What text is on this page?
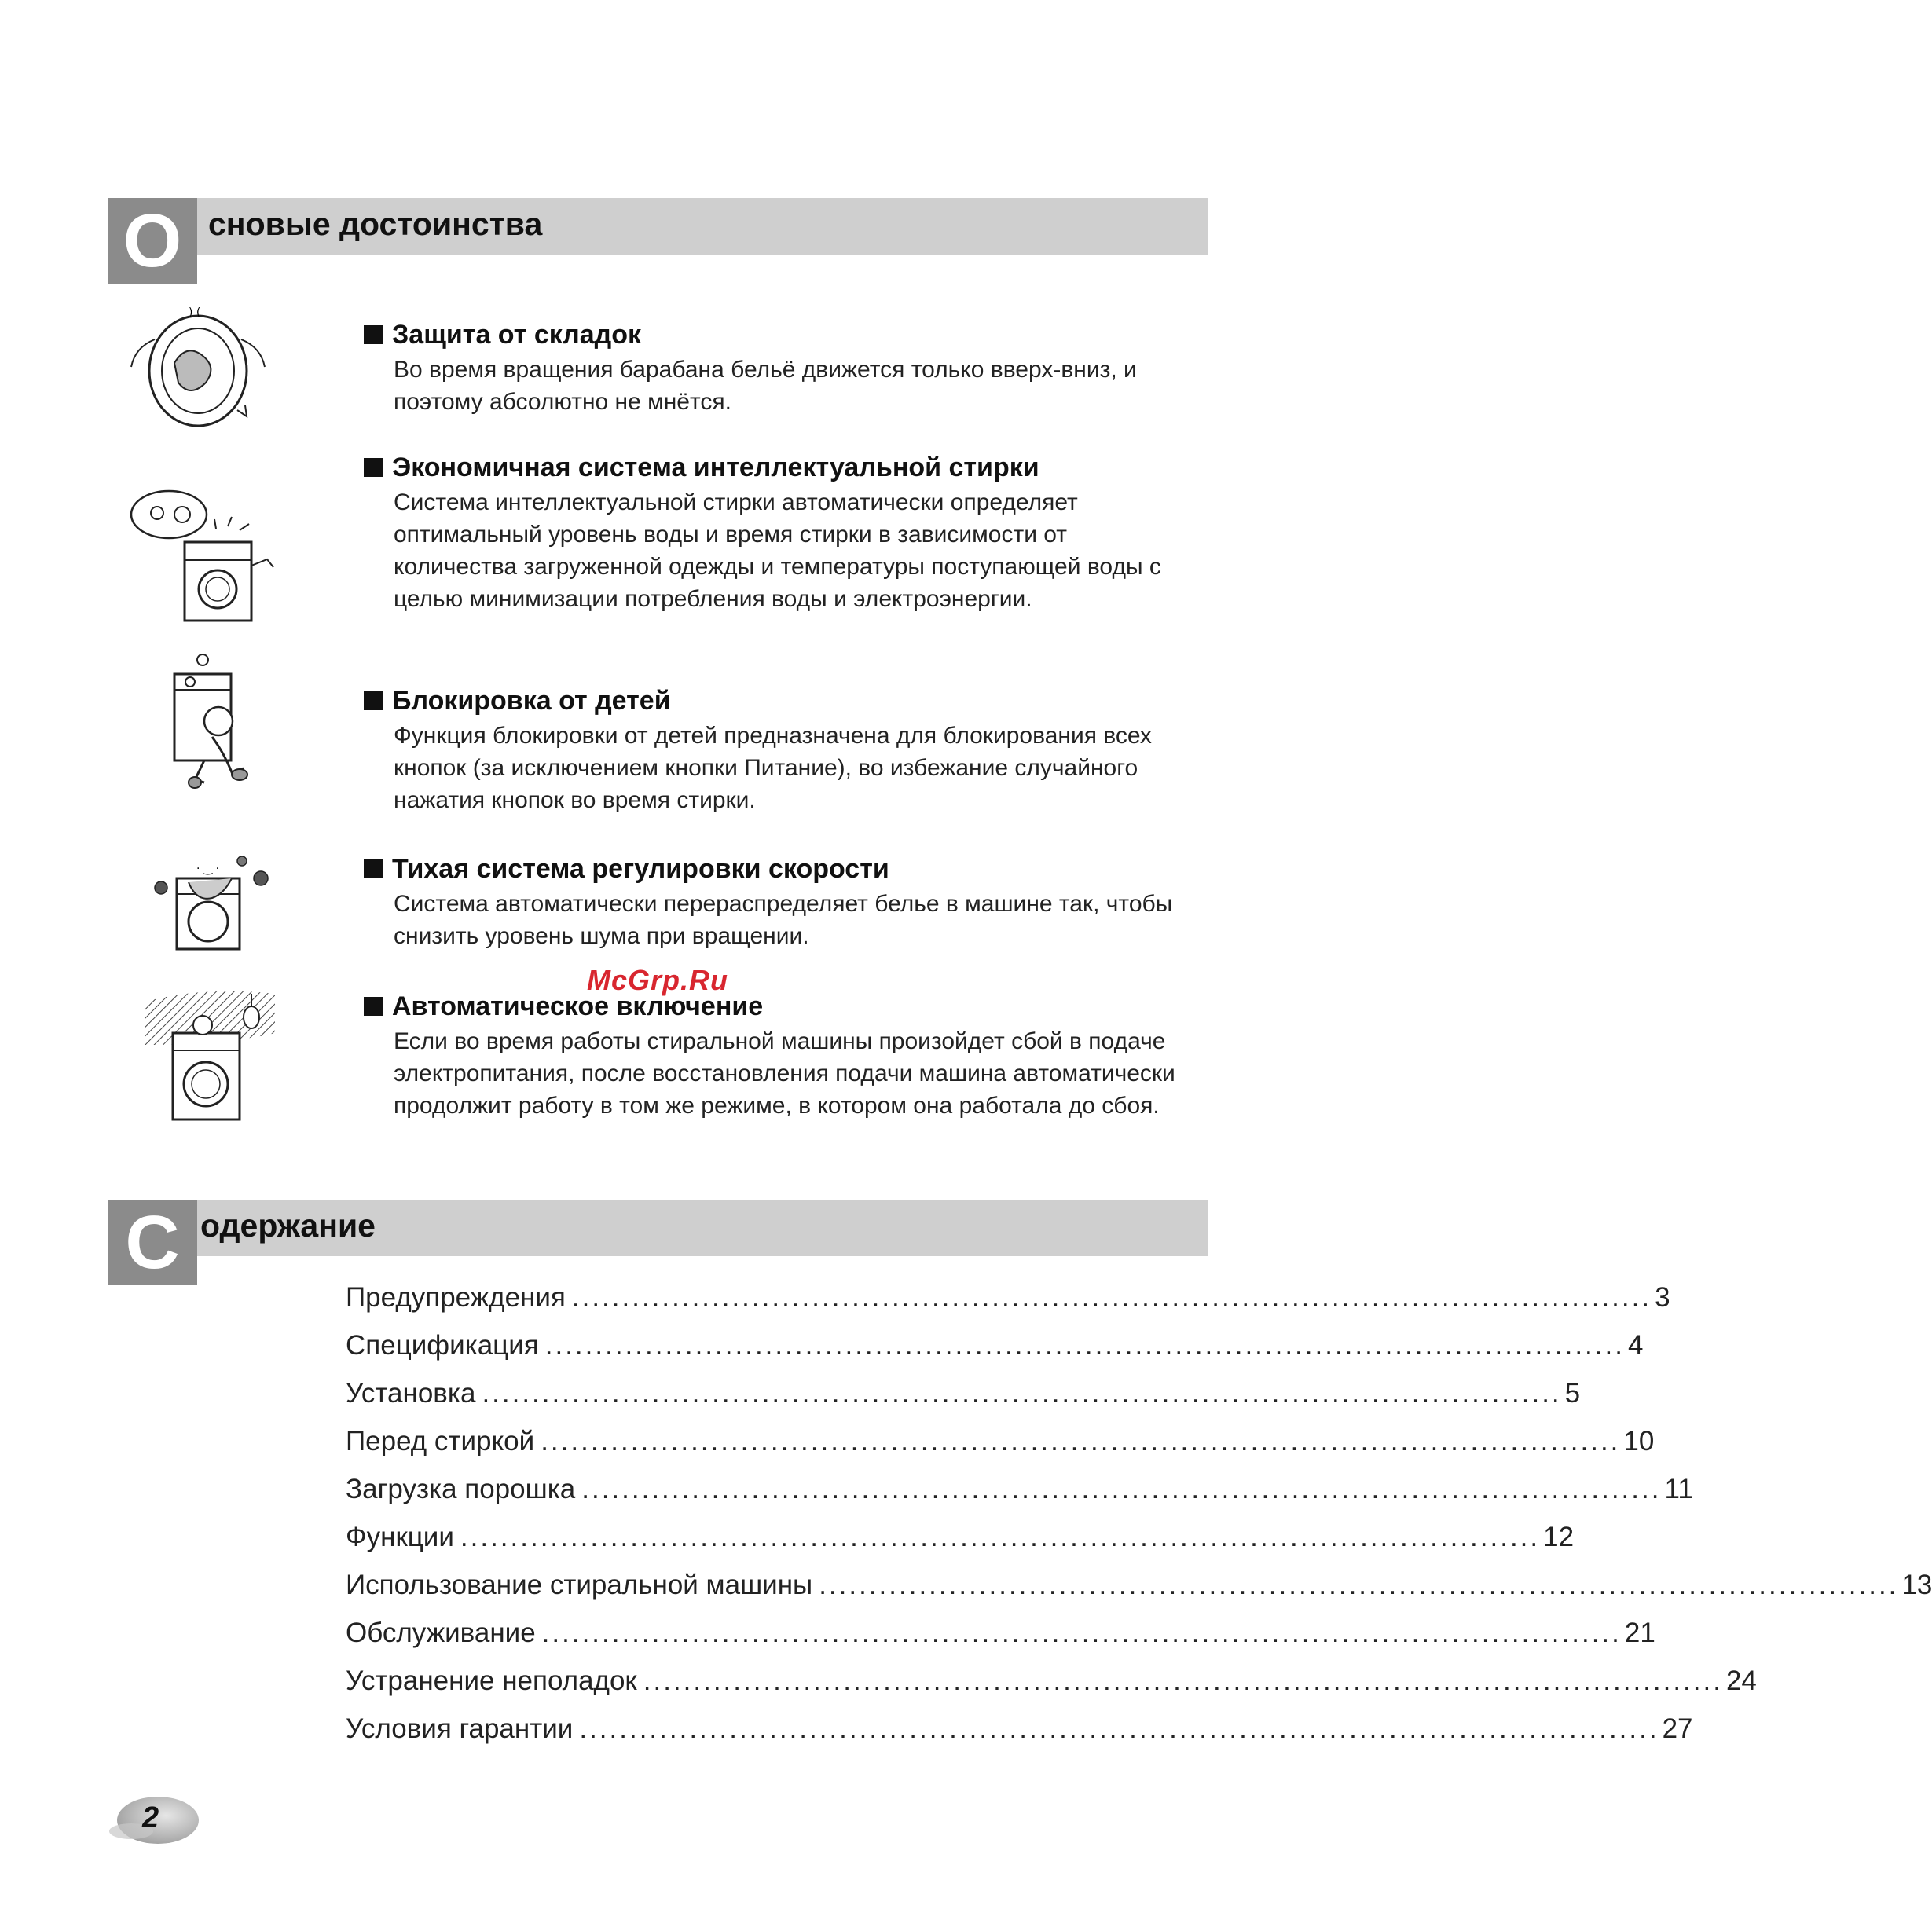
О сновые достоинства
) (
· ‿ ·
Защита от складок
Во время вращения барабана бельё движется только вверх-вниз, и поэтому абсолютно не мнётся.
Экономичная система интеллектуальной стирки
Система интеллектуальной стирки автоматически определяет оптимальный уровень воды и время стирки в зависимости от количества загруженной одежды и температуры поступающей воды с целью минимизации потребления воды и электроэнергии.
Блокировка от детей
Функция блокировки от детей предназначена для блокирования всех кнопок (за исключением кнопки Питание), во избежание случайного нажатия кнопок во время стирки.
Тихая система регулировки скорости
Система автоматически перераспределяет белье в машине так, чтобы снизить уровень шума при вращении.
McGrp.Ru
Автоматическое включение
Если во время работы стиральной машины произойдет сбой в подаче электропитания, после восстановления подачи машина автоматически продолжит работу в том же режиме, в котором она работала до сбоя.
С одержание
Предупреждения ............................................................................................................ 3
Спецификация ............................................................................................................ 4
Установка ............................................................................................................ 5
Перед стиркой ............................................................................................................ 10
Загрузка порошка ............................................................................................................ 11
Функции ............................................................................................................ 12
Использование стиральной машины ............................................................................................................ 13
Обслуживание ............................................................................................................ 21
Устранение неполадок ............................................................................................................ 24
Условия гарантии ............................................................................................................ 27
2
